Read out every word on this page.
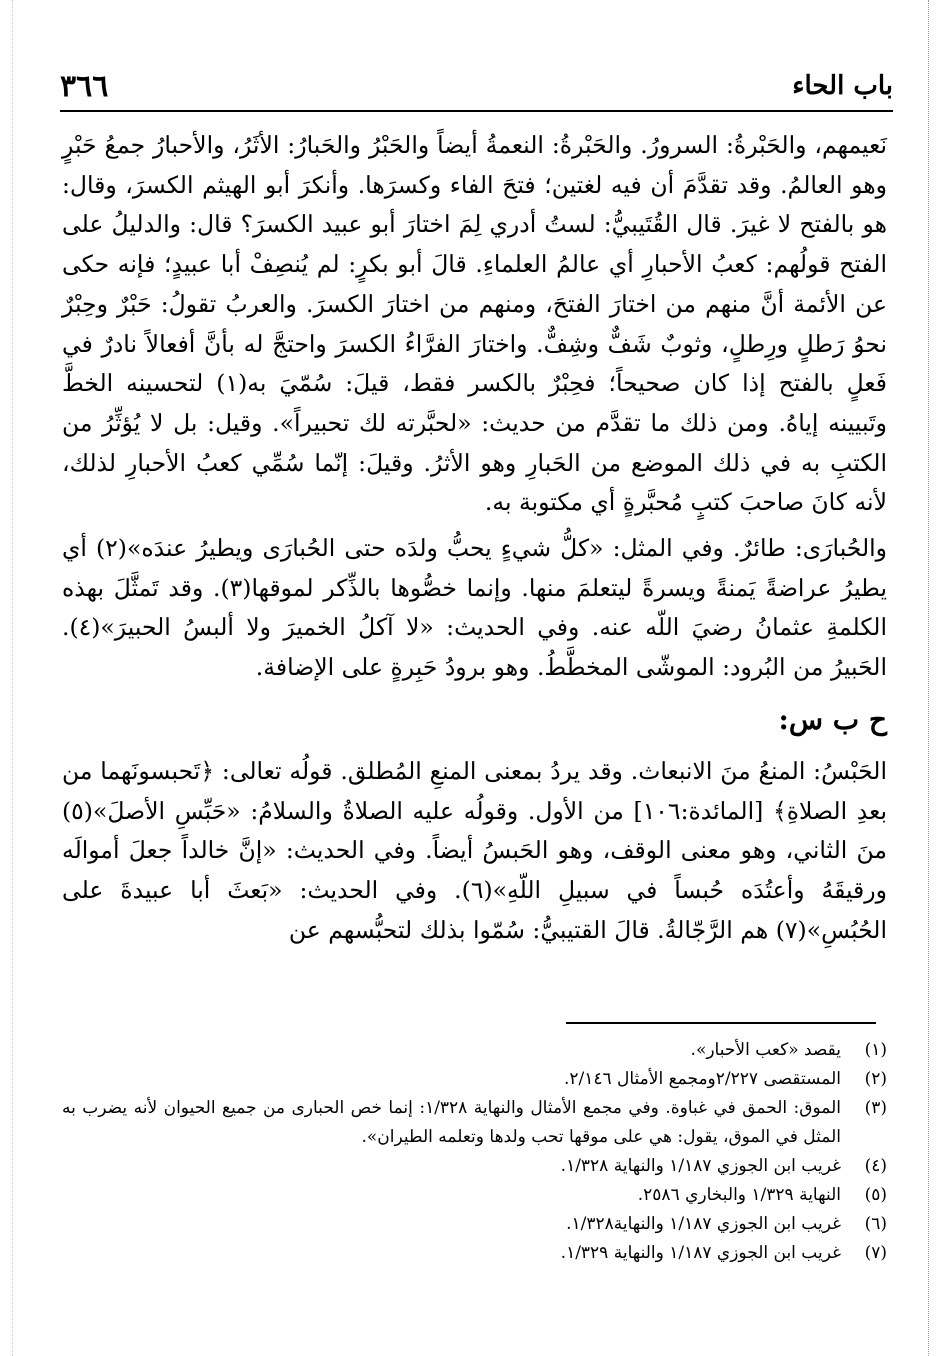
باب الحاء
٣٦٦

نَعيمهم، والحَبْرةُ: السرورُ. والحَبْرةُ: النعمةُ أيضاً والحَبْرُ والحَبارُ: الأثَرُ، والأحبارُ جمعُ حَبْرٍ وهو العالمُ. وقد تقدَّمَ أن فيه لغتين؛ فتحَ الفاء وكسرَها. وأنكرَ أبو الهيثم الكسرَ، وقال: هو بالفتح لا غيرَ. قال القُتَيبيُّ: لستُ أدري لِمَ اختارَ أبو عبيد الكسرَ؟ قال: والدليلُ على الفتح قولُهم: كعبُ الأحبارِ أي عالمُ العلماءِ. قالَ أبو بكرٍ: لم يُنصِفْ أبا عبيدٍ؛ فإنه حكى عن الأئمة أنَّ منهم من اختارَ الفتحَ، ومنهم من اختارَ الكسرَ. والعربُ تقولُ: حَبْرٌ وحِبْرٌ نحوُ رَطلٍ ورِطلٍ، وثوبٌ شَفٌّ وشِفٌّ. واختارَ الفرَّاءُ الكسرَ واحتجَّ له بأنَّ أفعالاً نادرٌ في فَعلٍ بالفتح إذا كان صحيحاً؛ فحِبْرٌ بالكسر فقط، قيلَ: سُمّيَ به(١) لتحسينه الخطَّ وتَبيينه إياهُ. ومن ذلك ما تقدَّم من حديث: «لحبَّرته لك تحبيراً». وقيل: بل لا يُؤثِّرُ من الكتبِ به في ذلك الموضع من الحَبارِ وهو الأثرُ. وقيلَ: إنّما سُمِّي كعبُ الأحبارِ لذلك، لأنه كانَ صاحبَ كتبٍ مُحبَّرةٍ أي مكتوبة به.

والحُبارَى: طائرٌ. وفي المثل: «كلُّ شيءٍ يحبُّ ولدَه حتى الحُبارَى ويطيرُ عندَه»(٢) أي يطيرُ عراضةً يَمنةً ويسرةً ليتعلمَ منها. وإنما خصُّوها بالذِّكر لموقها(٣). وقد تَمثَّلَ بهذه الكلمةِ عثمانُ رضيَ اللّه عنه. وفي الحديث: «لا آكلُ الخميرَ ولا ألبسُ الحبيرَ»(٤). الحَبيرُ من البُرود: الموشّى المخطَّطُ. وهو برودُ حَبِرةٍ على الإضافة.

ح ب س:

الحَبْسُ: المنعُ منَ الانبعاث. وقد يردُ بمعنى المنعِ المُطلق. قولُه تعالى: ﴿تَحبسونَهما من بعدِ الصلاةِ﴾ [المائدة:١٠٦] من الأول. وقولُه عليه الصلاةُ والسلامُ: «حَبِّسِ الأصلَ»(٥) منَ الثاني، وهو معنى الوقف، وهو الحَبسُ أيضاً. وفي الحديث: «إنَّ خالداً جعلَ أموالَه ورقيقَهُ وأعتُدَه حُبساً في سبيلِ اللّهِ»(٦). وفي الحديث: «بَعثَ أبا عبيدةَ على الحُبُسِ»(٧) هم الرَّجّالةُ. قالَ القتيبيُّ: سُمّوا بذلك لتحبُّسهم عن

(١)
يقصد «كعب الأحبار».
(٢)
المستقصى ٢/٢٢٧ومجمع الأمثال ٢/١٤٦.
(٣)
الموق: الحمق في غباوة. وفي مجمع الأمثال والنهاية ١/٣٢٨: إنما خص الحبارى من جميع الحيوان لأنه يضرب به المثل في الموق، يقول: هي على موقها تحب ولدها وتعلمه الطيران».
(٤)
غريب ابن الجوزي ١/١٨٧ والنهاية ١/٣٢٨.
(٥)
النهاية ١/٣٢٩ والبخاري ٢٥٨٦.
(٦)
غريب ابن الجوزي ١/١٨٧ والنهاية١/٣٢٨.
(٧)
غريب ابن الجوزي ١/١٨٧ والنهاية ١/٣٢٩.
